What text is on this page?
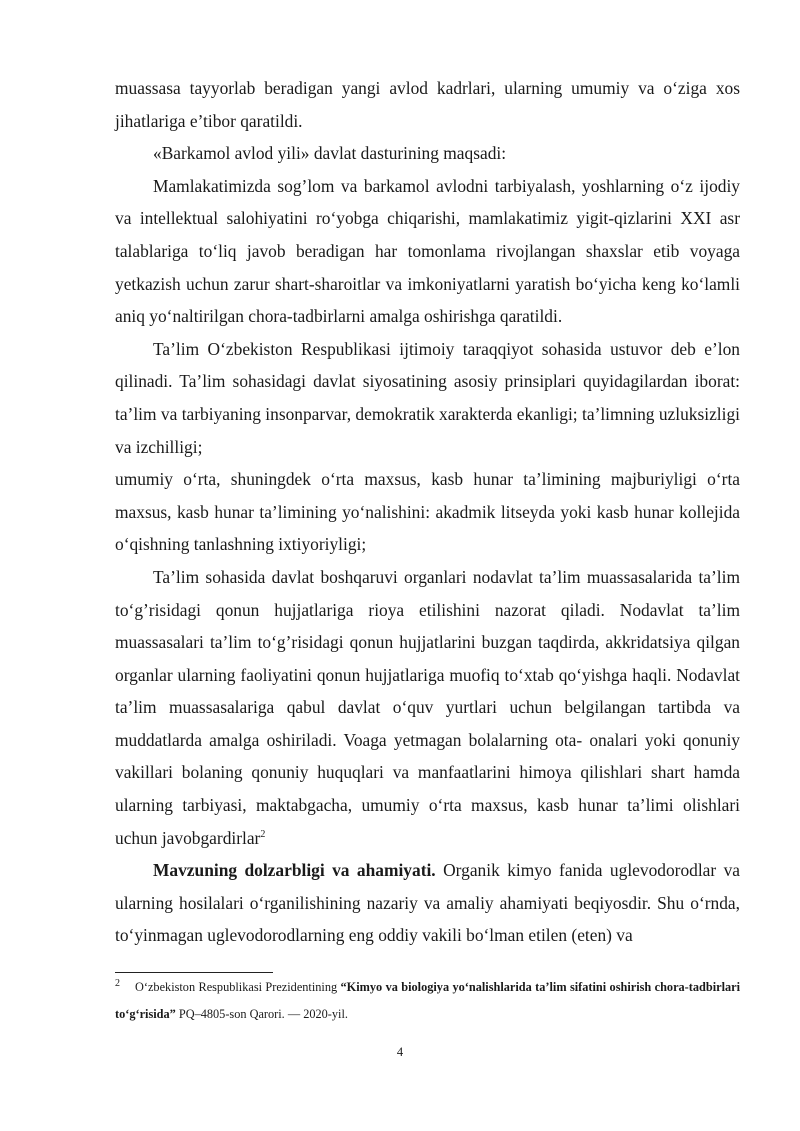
muassasa tayyorlab beradigan yangi avlod kadrlari, ularning umumiy va o‘ziga xos jihatlariga e’tibor qaratildi.

«Barkamol avlod yili» davlat dasturining maqsadi:

Mamlakatimizda sog’lom va barkamol avlodni tarbiyalash, yoshlarning o‘z ijodiy va intellektual salohiyatini ro‘yobga chiqarishi, mamlakatimiz yigit-qizlarini XXI asr talablariga to‘liq javob beradigan har tomonlama rivojlangan shaxslar etib voyaga yetkazish uchun zarur shart-sharoitlar va imkoniyatlarni yaratish bo‘yicha keng ko‘lamli aniq yo‘naltirilgan chora-tadbirlarni amalga oshirishga qaratildi.

Ta’lim O‘zbekiston Respublikasi ijtimoiy taraqqiyot sohasida ustuvor deb e’lon qilinadi. Ta’lim sohasidagi davlat siyosatining asosiy prinsiplari quyidagilardan iborat: ta’lim va tarbiyaning insonparvar, demokratik xarakterda ekanligi; ta’limning uzluksizligi va izchilligi;

umumiy o‘rta, shuningdek o‘rta maxsus, kasb hunar ta’limining majburiyligi o‘rta maxsus, kasb hunar ta’limining yo‘nalishini: akadmik litseyda yoki kasb hunar kollejida o‘qishning tanlashning ixtiyoriyligi;

Ta’lim sohasida davlat boshqaruvi organlari nodavlat ta’lim muassasalarida ta’lim to‘g’risidagi qonun hujjatlariga rioya etilishini nazorat qiladi. Nodavlat ta’lim muassasalari ta’lim to‘g’risidagi qonun hujjatlarini buzgan taqdirda, akkridatsiya qilgan organlar ularning faoliyatini qonun hujjatlariga muofiq to‘xtab qo‘yishga haqli. Nodavlat ta’lim muassasalariga qabul davlat o‘quv yurtlari uchun belgilangan tartibda va muddatlarda amalga oshiriladi. Voaga yetmagan bolalarning ota- onalari yoki qonuniy vakillari bolaning qonuniy huquqlari va manfaatlarini himoya qilishlari shart hamda ularning tarbiyasi, maktabgacha, umumiy o‘rta maxsus, kasb hunar ta’limi olishlari uchun javobgardirlar$^2$

Mavzuning dolzarbligi va ahamiyati. Organik kimyo fanida uglevodorodlar va ularning hosilalari o‘rganilishining nazariy va amaliy ahamiyati beqiyosdir. Shu o‘rnda, to‘yinmagan uglevodorodlarning eng oddiy vakili bo‘lman etilen (eten) va

2 O‘zbekiston Respublikasi Prezidentining “Kimyo va biologiya yo‘nalishlarida ta’lim sifatini oshirish chora-tadbirlari to‘g‘risida” PQ–4805-son Qarori. — 2020-yil.
4
